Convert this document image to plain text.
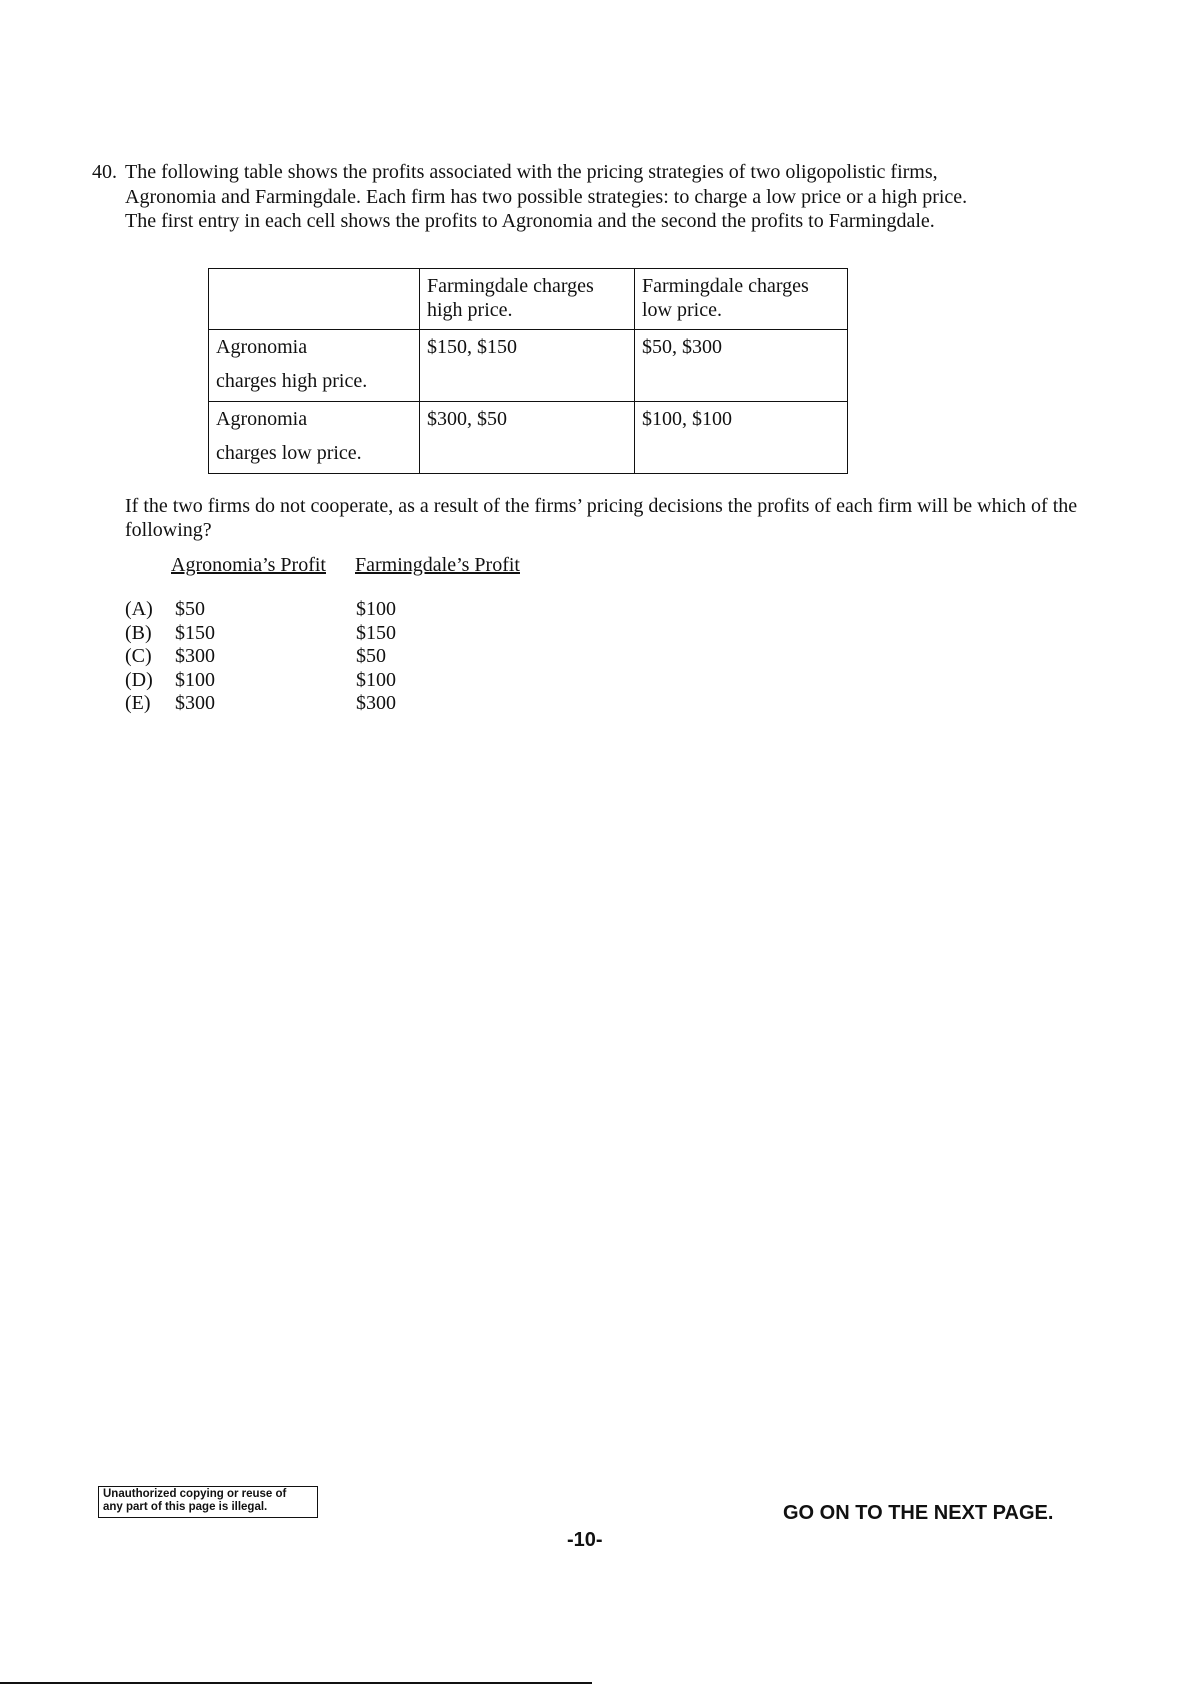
40. The following table shows the profits associated with the pricing strategies of two oligopolistic firms,
Agronomia and Farmingdale. Each firm has two possible strategies: to charge a low price or a high price.
The first entry in each cell shows the profits to Agronomia and the second the profits to Farmingdale.
	Farmingdale charges high price.	Farmingdale charges low price.

Agronomia
charges high price.	$150, $150	$50, $300

Agronomia
charges low price.	$300, $50	$100, $100
If the two firms do not cooperate, as a result of the firms’ pricing decisions the profits of each firm will be which of the following?
Agronomia’s Profit Farmingdale’s Profit
(A) $50	$100
(B) $150	$150
(C) $300	$50
(D) $100	$100
(E) $300	$300
Unauthorized copying or reuse of
any part of this page is illegal.	GO ON TO THE NEXT PAGE.
-10-
